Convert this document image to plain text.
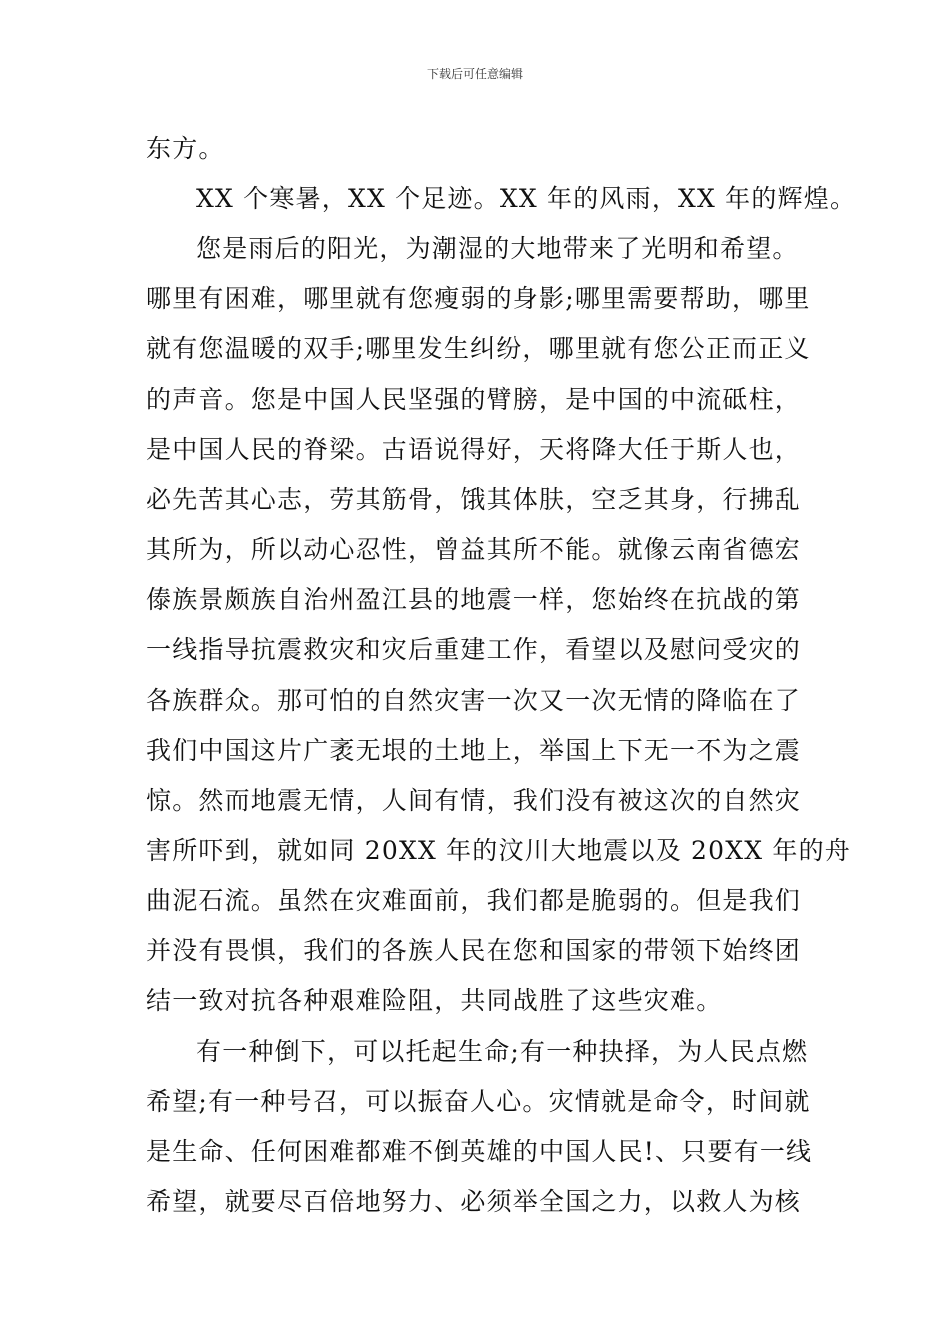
下载后可任意编辑
东方。
XX 个寒暑，XX 个足迹。XX 年的风雨，XX 年的辉煌。
您是雨后的阳光，为潮湿的大地带来了光明和希望。
哪里有困难，哪里就有您瘦弱的身影;哪里需要帮助，哪里
就有您温暖的双手;哪里发生纠纷，哪里就有您公正而正义
的声音。您是中国人民坚强的臂膀，是中国的中流砥柱，
是中国人民的脊梁。古语说得好，天将降大任于斯人也，
必先苦其心志，劳其筋骨，饿其体肤，空乏其身，行拂乱
其所为，所以动心忍性，曾益其所不能。就像云南省德宏
傣族景颇族自治州盈江县的地震一样，您始终在抗战的第
一线指导抗震救灾和灾后重建工作，看望以及慰问受灾的
各族群众。那可怕的自然灾害一次又一次无情的降临在了
我们中国这片广袤无垠的土地上，举国上下无一不为之震
惊。然而地震无情，人间有情，我们没有被这次的自然灾
害所吓到，就如同 20XX 年的汶川大地震以及 20XX 年的舟
曲泥石流。虽然在灾难面前，我们都是脆弱的。但是我们
并没有畏惧，我们的各族人民在您和国家的带领下始终团
结一致对抗各种艰难险阻，共同战胜了这些灾难。
有一种倒下，可以托起生命;有一种抉择，为人民点燃
希望;有一种号召，可以振奋人心。灾情就是命令，时间就
是生命、任何困难都难不倒英雄的中国人民!、只要有一线
希望，就要尽百倍地努力、必须举全国之力，以救人为核
